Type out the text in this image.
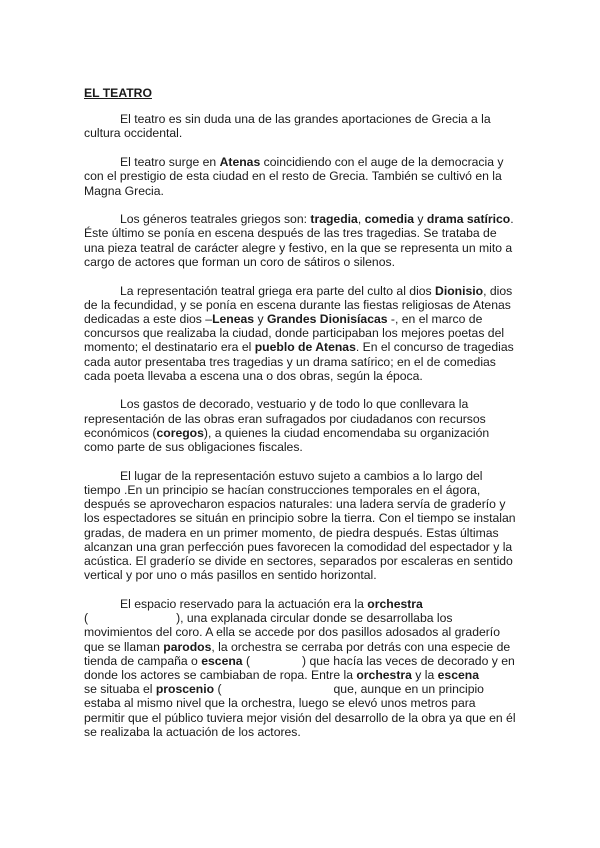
EL TEATRO

El teatro es sin duda una de las grandes aportaciones de Grecia a la cultura occidental.

El teatro surge en Atenas coincidiendo con el auge de la democracia y con el prestigio de esta ciudad en el resto de Grecia. También se cultivó en la Magna Grecia.

Los géneros teatrales griegos son: tragedia, comedia y drama satírico. Éste último se ponía en escena después de las tres tragedias. Se trataba de una pieza teatral de carácter alegre y festivo, en la que se representa un mito a cargo de actores que forman un coro de sátiros o silenos.

La representación teatral griega era parte del culto al dios Dionisio, dios de la fecundidad, y se ponía en escena durante las fiestas religiosas de Atenas dedicadas a este dios –Leneas y Grandes Dionisíacas -, en el marco de concursos que realizaba la ciudad, donde participaban los mejores poetas del momento; el destinatario era el pueblo de Atenas. En el concurso de tragedias cada autor presentaba tres tragedias y un drama satírico; en el de comedias cada poeta llevaba a escena una o dos obras, según la época.

Los gastos de decorado, vestuario y de todo lo que conllevara la representación de las obras eran sufragados por ciudadanos con recursos económicos (coregos), a quienes la ciudad encomendaba su organización como parte de sus obligaciones fiscales.

El lugar de la representación estuvo sujeto a cambios a lo largo del tiempo .En un principio se hacían construcciones temporales en el ágora, después se aprovecharon espacios naturales: una ladera servía de graderío y los espectadores se situán en principio sobre la tierra. Con el tiempo se instalan gradas, de madera en un primer momento, de piedra después. Estas últimas alcanzan una gran perfección pues favorecen la comodidad del espectador y la acústica. El graderío se divide en sectores, separados por escaleras en sentido vertical y por uno o más pasillos en sentido horizontal.

El espacio reservado para la actuación era la orchestra
(	), una explanada circular donde se desarrollaba los movimientos del coro. A ella se accede por dos pasillos adosados al graderío que se llaman parodos, la orchestra se cerraba por detrás con una especie de tienda de campaña o escena (	) que hacía las veces de decorado y en donde los actores se cambiaban de ropa. Entre la orchestra y la escena
se situaba el proscenio (	que, aunque en un principio estaba al mismo nivel que la orchestra, luego se elevó unos metros para permitir que el público tuviera mejor visión del desarrollo de la obra ya que en él se realizaba la actuación de los actores.
